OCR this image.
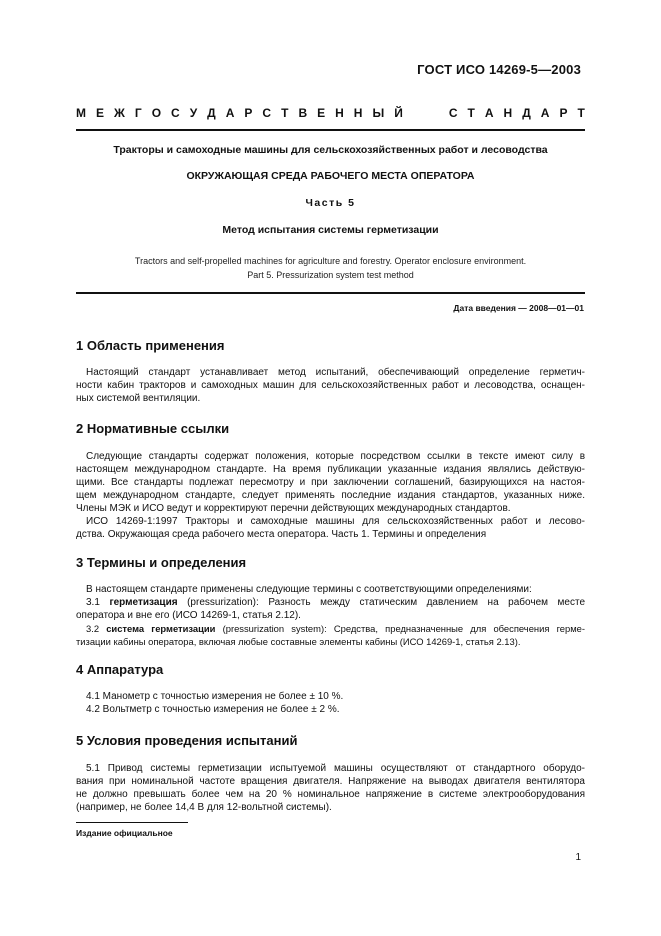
ГОСТ ИСО 14269-5—2003
М Е Ж Г О С У Д А Р С Т В Е Н Н Ы Й	С Т А Н Д А Р Т

Тракторы и самоходные машины для сельскохозяйственных работ и лесоводства

ОКРУЖАЮЩАЯ СРЕДА РАБОЧЕГО МЕСТА ОПЕРАТОРА

Часть 5

Метод испытания системы герметизации

Tractors and self-propelled machines for agriculture and forestry. Operator enclosure environment.
Part 5. Pressurization system test method

Дата введения — 2008—01—01
1 Область применения
Настоящий стандарт устанавливает метод испытаний, обеспечивающий определение герметич-
ности кабин тракторов и самоходных машин для сельскохозяйственных работ и лесоводства, оснащен-
ных системой вентиляции.
2 Нормативные ссылки
Следующие стандарты содержат положения, которые посредством ссылки в тексте имеют силу в
настоящем международном стандарте. На время публикации указанные издания являлись действую-
щими. Все стандарты подлежат пересмотру и при заключении соглашений, базирующихся на настоя-
щем международном стандарте, следует применять последние издания стандартов, указанных ниже.
Члены МЭК и ИСО ведут и корректируют перечни действующих международных стандартов.
ИСО 14269-1:1997 Тракторы и самоходные машины для сельскохозяйственных работ и лесово-
дства. Окружающая среда рабочего места оператора. Часть 1. Термины и определения
3 Термины и определения
В настоящем стандарте применены следующие термины с соответствующими определениями:
3.1 герметизация (pressurization): Разность между статическим давлением на рабочем месте
оператора и вне его (ИСО 14269-1, статья 2.12).
3.2 система герметизации (pressurization system): Средства, предназначенные для обеспечения герме-
тизации кабины оператора, включая любые составные элементы кабины (ИСО 14269-1, статья 2.13).
4 Аппаратура
4.1 Манометр с точностью измерения не более ± 10 %.
4.2 Вольтметр с точностью измерения не более ± 2 %.
5 Условия проведения испытаний
5.1 Привод системы герметизации испытуемой машины осуществляют от стандартного оборудо-
вания при номинальной частоте вращения двигателя. Напряжение на выводах двигателя вентилятора
не должно превышать более чем на 20 % номинальное напряжение в системе электрооборудования
(например, не более 14,4 В для 12-вольтной системы).
Издание официальное
1
